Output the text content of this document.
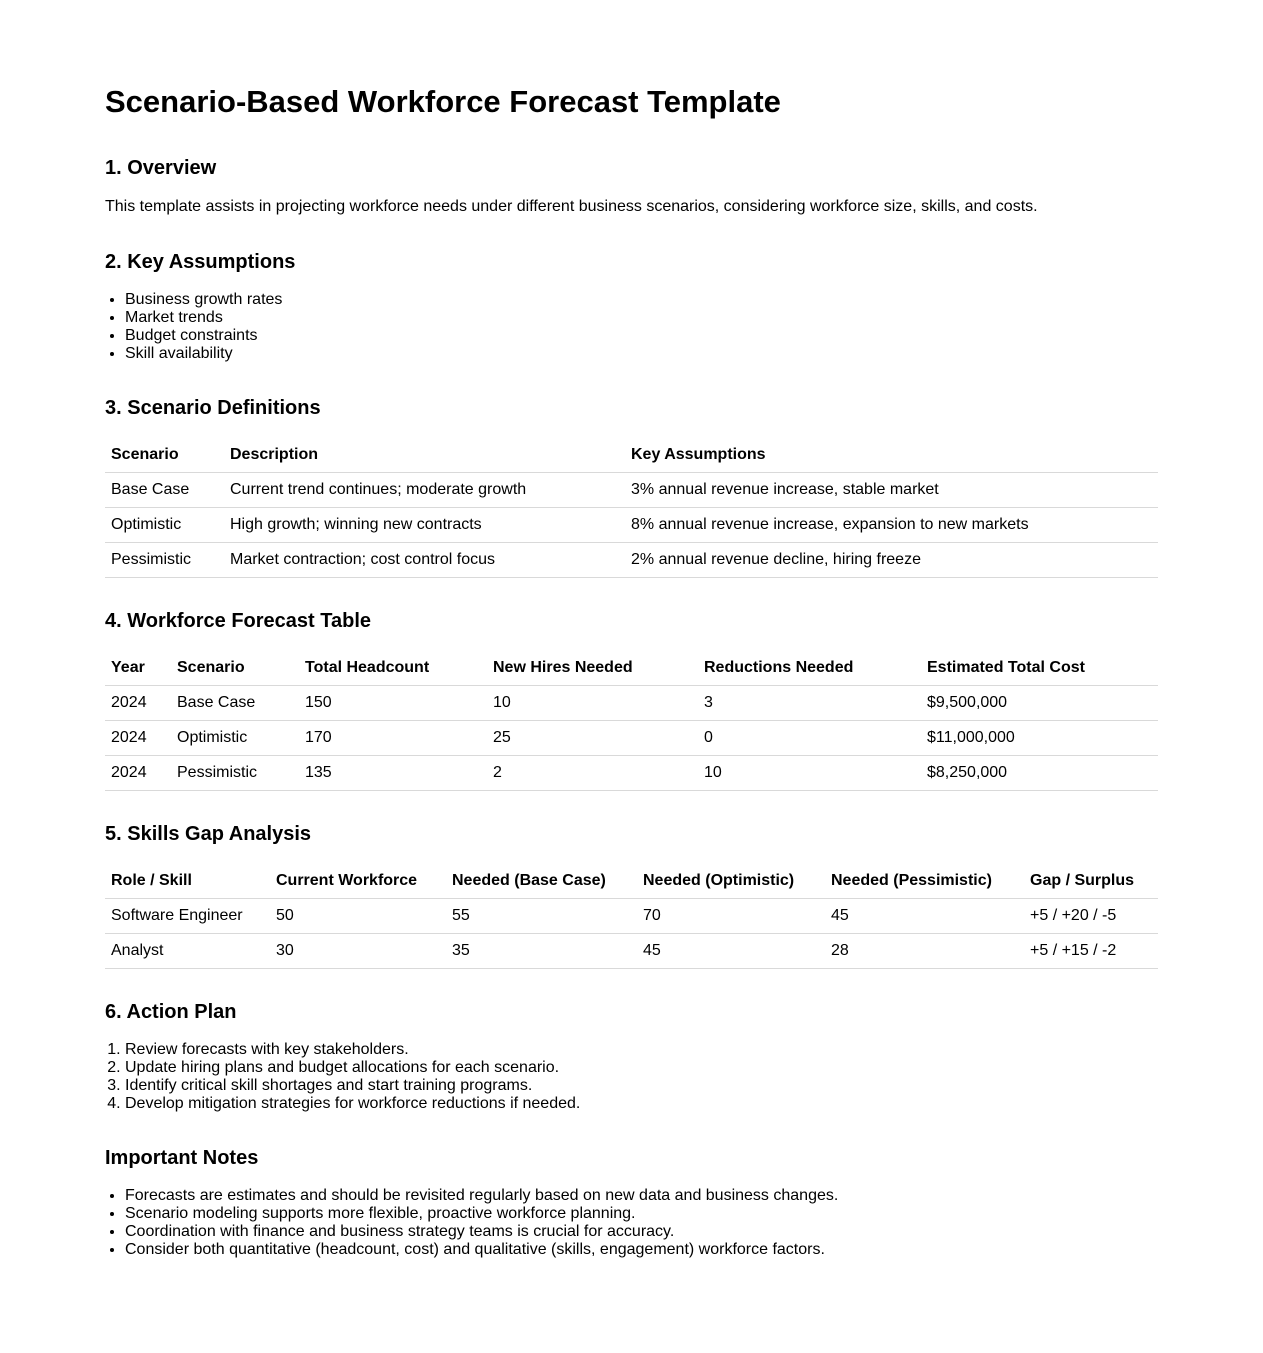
Scenario-Based Workforce Forecast Template
1. Overview

This template assists in projecting workforce needs under different business scenarios, considering workforce size, skills, and costs.

2. Key Assumptions
• Business growth rates
• Market trends
• Budget constraints
• Skill availability
3. Scenario Definitions
Scenario	Description	Key Assumptions
Base Case	Current trend continues; moderate growth	3% annual revenue increase, stable market
Optimistic	High growth; winning new contracts	8% annual revenue increase, expansion to new markets
Pessimistic	Market contraction; cost control focus	2% annual revenue decline, hiring freeze
4. Workforce Forecast Table
Year	Scenario	Total Headcount	New Hires Needed	Reductions Needed	Estimated Total Cost
2024	Base Case	150	10	3	$9,500,000
2024	Optimistic	170	25	0	$11,000,000
2024	Pessimistic	135	2	10	$8,250,000
5. Skills Gap Analysis
Role / Skill	Current Workforce	Needed (Base Case)	Needed (Optimistic)	Needed (Pessimistic)	Gap / Surplus
Software Engineer	50	55	70	45	+5 / +20 / -5
Analyst	30	35	45	28	+5 / +15 / -2
6. Action Plan
1. Review forecasts with key stakeholders.
2. Update hiring plans and budget allocations for each scenario.
3. Identify critical skill shortages and start training programs.
4. Develop mitigation strategies for workforce reductions if needed.
Important Notes
• Forecasts are estimates and should be revisited regularly based on new data and business changes.
• Scenario modeling supports more flexible, proactive workforce planning.
• Coordination with finance and business strategy teams is crucial for accuracy.
• Consider both quantitative (headcount, cost) and qualitative (skills, engagement) workforce factors.
